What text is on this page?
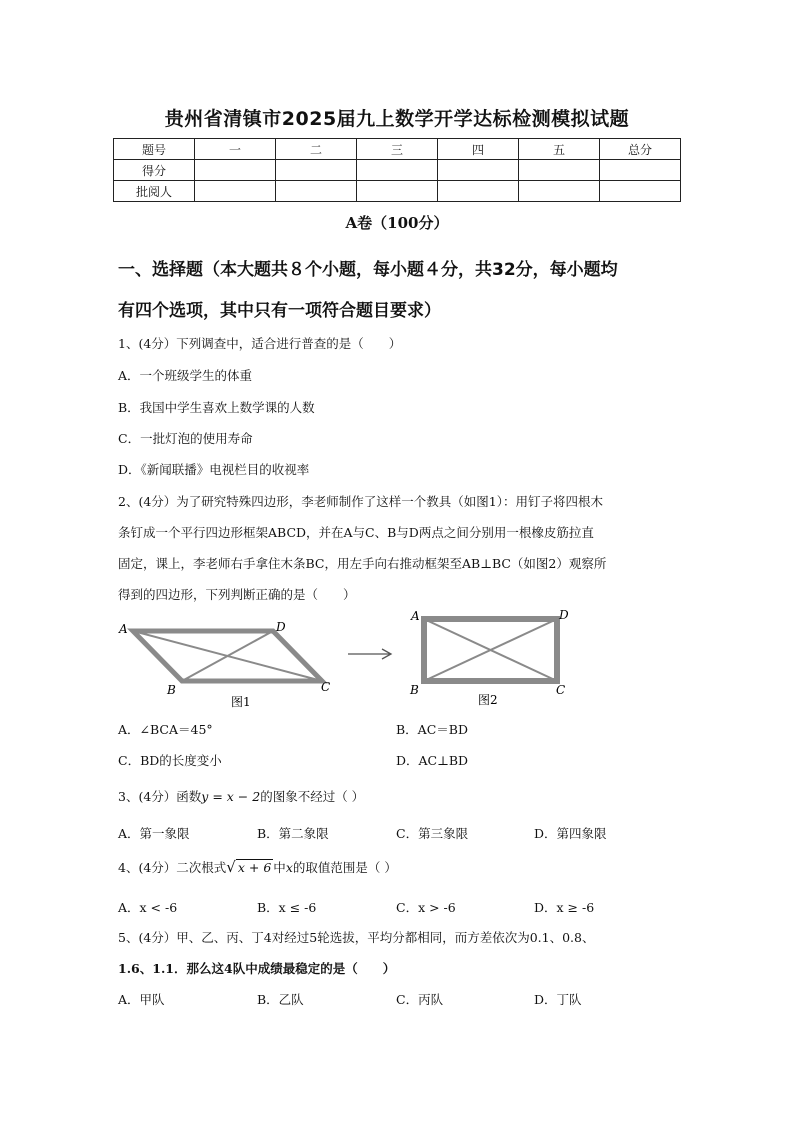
贵州省清镇市2025届九上数学开学达标检测模拟试题
题号	一	二	三	四	五	总分
得分						
批阅人						
A卷（100分）
一、选择题（本大题共８个小题，每小题４分，共32分，每小题均
有四个选项，其中只有一项符合题目要求）
1、(4分）下列调查中，适合进行普查的是（　　）
A．一个班级学生的体重
B．我国中学生喜欢上数学课的人数
C．一批灯泡的使用寿命
D．《新闻联播》电视栏目的收视率
2、(4分）为了研究特殊四边形，李老师制作了这样一个教具（如图1）：用钉子将四根木
条钉成一个平行四边形框架ABCD，并在A与C、B与D两点之间分别用一根橡皮筋拉直
固定，课上，李老师右手拿住木条BC，用左手向右推动框架至AB⊥BC（如图2）观察所
得到的四边形，下列判断正确的是（　　）
A
B	C
D
图1
A
B	C
D
图2
A．∠BCA＝45°	B．AC＝BD
C．BD的长度变小	D．AC⊥BD
3、(4分）函数y = x − 2的图象不经过（ ）
A．第一象限	B．第二象限	C．第三象限	D．第四象限
4、(4分）二次根式√ x + 6 中x的取值范围是（ ）
A．x < -6	B．x ≤ -6	C．x > -6	D．x ≥ -6
5、(4分）甲、乙、丙、丁4对经过5轮选拔，平均分都相同，而方差依次为0.1、0.8、
1.6、1.1．那么这4队中成绩最稳定的是（　　）
A．甲队	B．乙队	C．丙队	D．丁队
